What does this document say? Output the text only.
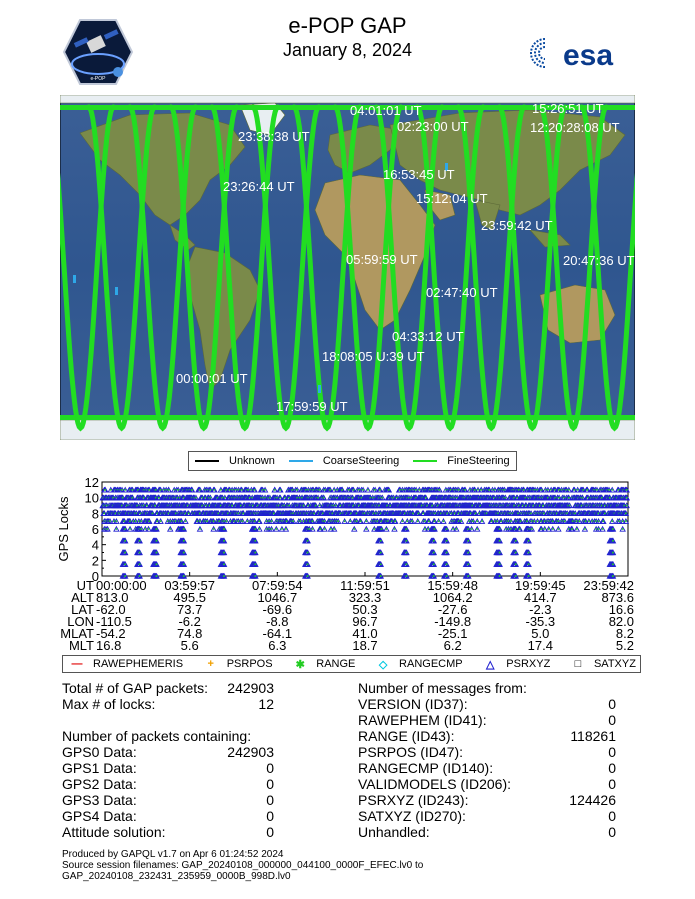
e-POP GAP
January 8, 2024
e-POP
esa
04:01:01 UT	15:26:51 UT
02:23:00 UT	12:20:28:08 UT
23:38:38 UT
16:53:45 UT
23:26:44 UT
15:12:04 UT
23:59:42 UT
05:59:59 UT	20:47:36 UT
02:47:40 UT
04:33:12 UT
18:08:05 U:39 UT
00:00:01 UT
17:59:59 UT
Unknown	CoarseSteering	FineSteering
0
2
4
6
8
10
12
GPS Locks
UT 00:00:00 03:59:57	07:59:54	11:59:51	15:59:48	19:59:45 23:59:42
ALT 813.0	495.5	1046.7	323.3	1064.2	414.7	873.6
LAT -62.0	73.7	-69.6	50.3	-27.6	-2.3	16.6
LON -110.5	-6.2	-8.8	96.7	-149.8	-35.3	82.0
MLAT -54.2	74.8	-64.1	41.0	-25.1	5.0	8.2
MLT 16.8	5.6	6.3	18.7	6.2	17.4	5.2
— RAWEPHEMERIS	+	PSRPOS	✱	RANGE	◇	RANGECMP	△	PSRXYZ	□	SATXYZ
Total # of GAP packets: 242903
Max # of locks:	12
Number of packets containing:
GPS0 Data:	242903
GPS1 Data:	0
GPS2 Data:	0
GPS3 Data:	0
GPS4 Data:	0
Attitude solution:	0
Number of messages from:
VERSION (ID37):	0
RAWEPHEM (ID41):	0
RANGE (ID43):	118261
PSRPOS (ID47):	0
RANGECMP (ID140):	0
VALIDMODELS (ID206):	0
PSRXYZ (ID243):	124426
SATXYZ (ID270):	0
Unhandled:	0
Produced by GAPQL v1.7 on Apr 6 01:24:52 2024
Source session filenames: GAP_20240108_000000_044100_0000F_EFEC.lv0 to
GAP_20240108_232431_235959_0000B_998D.lv0
